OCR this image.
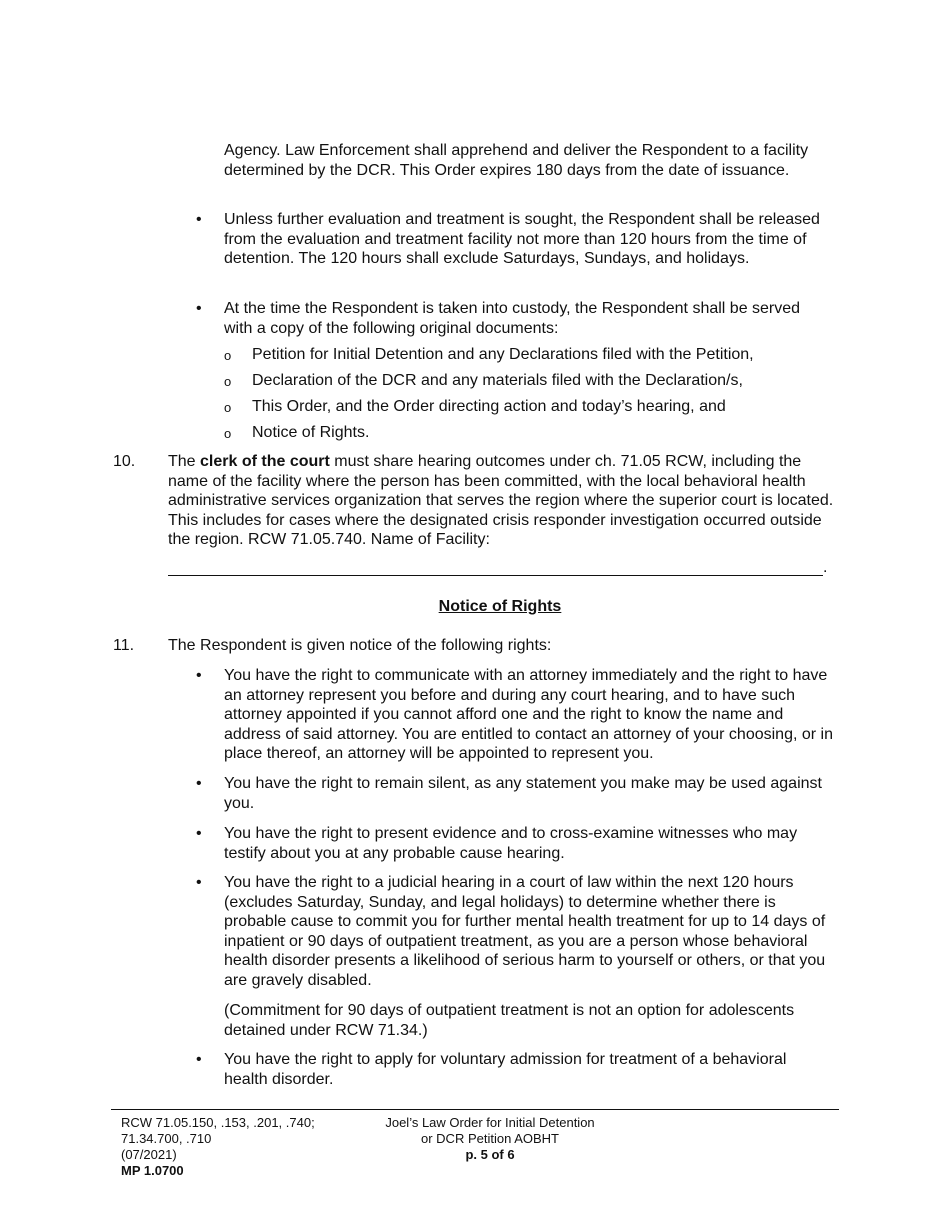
Agency. Law Enforcement shall apprehend and deliver the Respondent to a facility determined by the DCR. This Order expires 180 days from the date of issuance.

•	Unless further evaluation and treatment is sought, the Respondent shall be released from the evaluation and treatment facility not more than 120 hours from the time of detention. The 120 hours shall exclude Saturdays, Sundays, and holidays.

•	At the time the Respondent is taken into custody, the Respondent shall be served with a copy of the following original documents:

o Petition for Initial Detention and any Declarations filed with the Petition,

o Declaration of the DCR and any materials filed with the Declaration/s,

o This Order, and the Order directing action and today’s hearing, and

o Notice of Rights.

10. The clerk of the court must share hearing outcomes under ch. 71.05 RCW, including the name of the facility where the person has been committed, with the local behavioral health administrative services organization that serves the region where the superior court is located. This includes for cases where the designated crisis responder investigation occurred outside the region. RCW 71.05.740. Name of Facility:

.
Notice of Rights
11. The Respondent is given notice of the following rights:

•	You have the right to communicate with an attorney immediately and the right to have an attorney represent you before and during any court hearing, and to have such attorney appointed if you cannot afford one and the right to know the name and address of said attorney. You are entitled to contact an attorney of your choosing, or in place thereof, an attorney will be appointed to represent you.

•	You have the right to remain silent, as any statement you make may be used against you.

•	You have the right to present evidence and to cross-examine witnesses who may testify about you at any probable cause hearing.

•	You have the right to a judicial hearing in a court of law within the next 120 hours (excludes Saturday, Sunday, and legal holidays) to determine whether there is probable cause to commit you for further mental health treatment for up to 14 days of inpatient or 90 days of outpatient treatment, as you are a person whose behavioral health disorder presents a likelihood of serious harm to yourself or others, or that you are gravely disabled.

(Commitment for 90 days of outpatient treatment is not an option for adolescents detained under RCW 71.34.)

•	You have the right to apply for voluntary admission for treatment of a behavioral health disorder.

RCW 71.05.150, .153, .201, .740;
71.34.700, .710
(07/2021)
MP 1.0700
Joel’s Law Order for Initial Detention
or DCR Petition AOBHT
p. 5 of 6
